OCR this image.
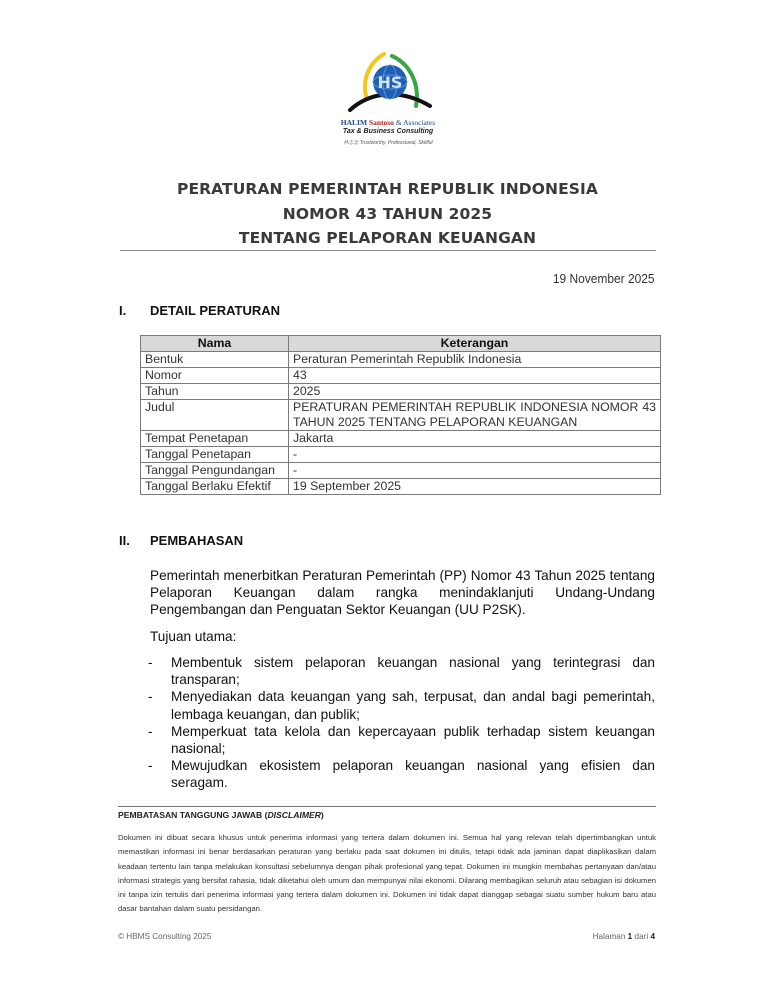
HS
HALIM Santoso & Associates
Tax & Business Consulting
林志忠 Trustworthy, Professional, Skillful
PERATURAN PEMERINTAH REPUBLIK INDONESIA
NOMOR 43 TAHUN 2025
TENTANG PELAPORAN KEUANGAN
19 November 2025
I. DETAIL PERATURAN
Nama	Keterangan
Bentuk	Peraturan Pemerintah Republik Indonesia
Nomor	43
Tahun	2025
Judul	PERATURAN PEMERINTAH REPUBLIK INDONESIA NOMOR 43
TAHUN 2025 TENTANG PELAPORAN KEUANGAN
Tempat Penetapan	Jakarta
Tanggal Penetapan	-
Tanggal Pengundangan	-
Tanggal Berlaku Efektif	19 September 2025
II. PEMBAHASAN
Pemerintah menerbitkan Peraturan Pemerintah (PP) Nomor 43 Tahun 2025 tentang
Pelaporan Keuangan dalam rangka menindaklanjuti Undang-Undang
Pengembangan dan Penguatan Sektor Keuangan (UU P2SK).
Tujuan utama:
- Membentuk sistem pelaporan keuangan nasional yang terintegrasi dan
transparan;
- Menyediakan data keuangan yang sah, terpusat, dan andal bagi pemerintah,
lembaga keuangan, dan publik;
- Memperkuat tata kelola dan kepercayaan publik terhadap sistem keuangan
nasional;
- Mewujudkan ekosistem pelaporan keuangan nasional yang efisien dan
seragam.
PEMBATASAN TANGGUNG JAWAB (DISCLAIMER)
Dokumen ini dibuat secara khusus untuk penerima informasi yang tertera dalam dokumen ini. Semua hal yang relevan telah dipertimbangkan untuk memastikan informasi ini benar berdasarkan peraturan yang berlaku pada saat dokumen ini ditulis, tetapi tidak ada jaminan dapat diaplikasikan dalam keadaan tertentu lain tanpa melakukan konsultasi sebelumnya dengan pihak profesional yang tepat. Dokumen ini mungkin membahas pertanyaan dan/atau informasi strategis yang bersifat rahasia, tidak diketahui oleh umum dan mempunyai nilai ekonomi. Dilarang membagikan seluruh atau sebagian isi dokumen ini tanpa izin tertulis dari penerima informasi yang tertera dalam dokumen ini. Dokumen ini tidak dapat dianggap sebagai suatu sumber hukum baru atau dasar bantahan dalam suatu persidangan.
© HBMS Consulting 2025	Halaman 1 dari 4
